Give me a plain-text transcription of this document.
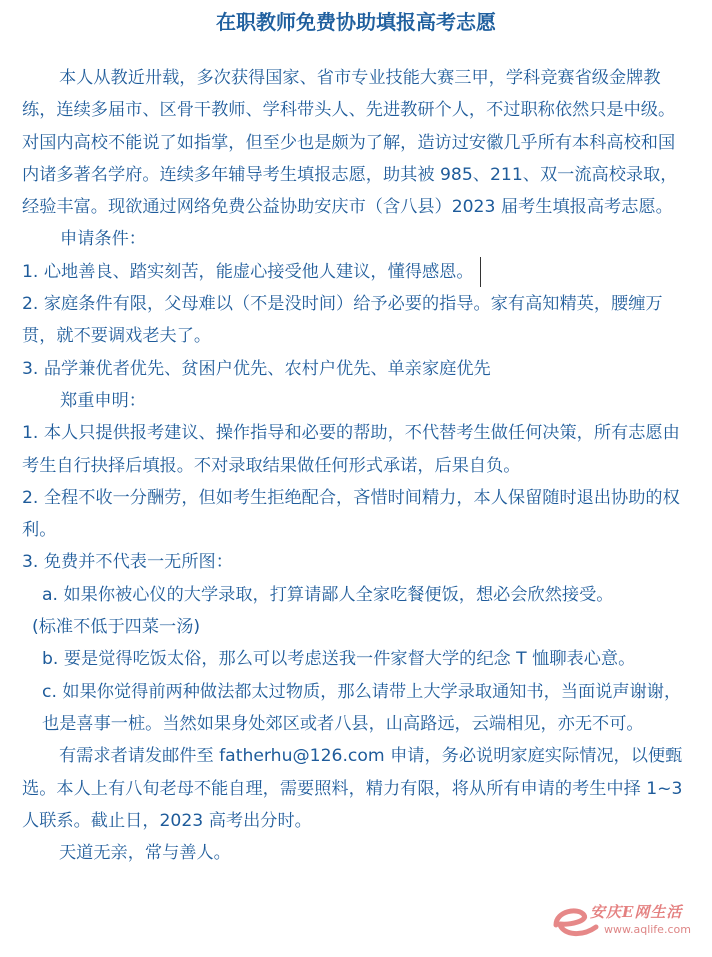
在职教师免费协助填报高考志愿

本人从教近卅载，多次获得国家、省市专业技能大赛三甲，学科竞赛省级金牌教练，连续多届市、区骨干教师、学科带头人、先进教研个人，不过职称依然只是中级。对国内高校不能说了如指掌，但至少也是颇为了解，造访过安徽几乎所有本科高校和国内诸多著名学府。连续多年辅导考生填报志愿，助其被 985、211、双一流高校录取，经验丰富。现欲通过网络免费公益协助安庆市（含八县）2023 届考生填报高考志愿。

申请条件：

1. 心地善良、踏实刻苦，能虚心接受他人建议，懂得感恩。

2. 家庭条件有限，父母难以（不是没时间）给予必要的指导。家有高知精英，腰缠万贯，就不要调戏老夫了。

3. 品学兼优者优先、贫困户优先、农村户优先、单亲家庭优先

郑重申明：

1. 本人只提供报考建议、操作指导和必要的帮助，不代替考生做任何决策，所有志愿由考生自行抉择后填报。不对录取结果做任何形式承诺，后果自负。

2. 全程不收一分酬劳，但如考生拒绝配合，吝惜时间精力，本人保留随时退出协助的权利。

3. 免费并不代表一无所图：

a. 如果你被心仪的大学录取，打算请鄙人全家吃餐便饭，想必会欣然接受。

(标准不低于四菜一汤)

b. 要是觉得吃饭太俗，那么可以考虑送我一件家督大学的纪念 T 恤聊表心意。

c. 如果你觉得前两种做法都太过物质，那么请带上大学录取通知书，当面说声谢谢，也是喜事一桩。当然如果身处郊区或者八县，山高路远，云端相见，亦无不可。

有需求者请发邮件至 fatherhu@126.com 申请，务必说明家庭实际情况，以便甄选。本人上有八旬老母不能自理，需要照料，精力有限，将从所有申请的考生中择 1~3 人联系。截止日，2023 高考出分时。

天道无亲，常与善人。

安庆E网生活
www.aqlife.com
